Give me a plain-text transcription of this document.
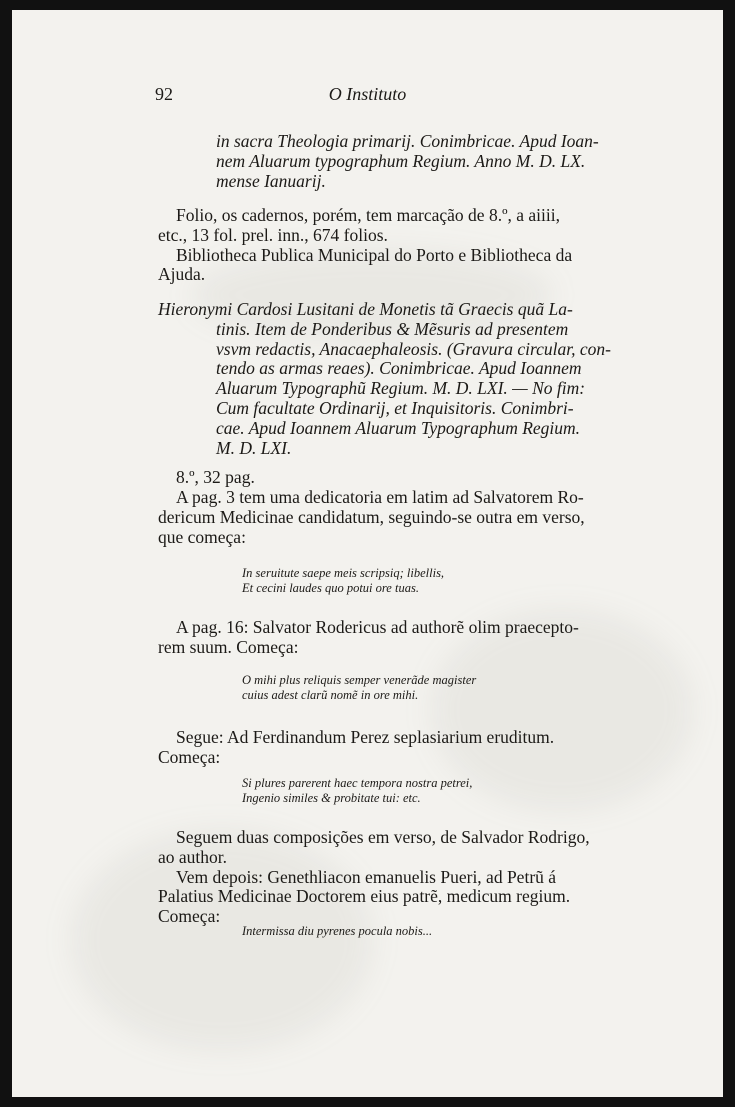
O Instituto
92
in sacra Theologia primarij. Conimbricae. Apud Ioan-
nem Aluarum typographum Regium. Anno M. D. LX.
mense Ianuarij.
Folio, os cadernos, porém, tem marcação de 8.º, a aiiii,
etc., 13 fol. prel. inn., 674 folios.
Bibliotheca Publica Municipal do Porto e Bibliotheca da
Ajuda.
Hieronymi Cardosi Lusitani de Monetis tã Graecis quã La-
tinis. Item de Ponderibus & Mẽsuris ad presentem
vsvm redactis, Anacaephaleosis. (Gravura circular, con-
tendo as armas reaes). Conimbricae. Apud Ioannem
Aluarum Typographũ Regium. M. D. LXI. — No fim:
Cum facultate Ordinarij, et Inquisitoris. Conimbri-
cae. Apud Ioannem Aluarum Typographum Regium.
M. D. LXI.
8.º, 32 pag.
A pag. 3 tem uma dedicatoria em latim ad Salvatorem Ro-
dericum Medicinae candidatum, seguindo-se outra em verso,
que começa:
In seruitute saepe meis scripsiq; libellis,
Et cecini laudes quo potui ore tuas.
A pag. 16: Salvator Rodericus ad authorẽ olim praecepto-
rem suum. Começa:
O mihi plus reliquis semper venerãde magister
cuius adest clarũ nomẽ in ore mihi.
Segue: Ad Ferdinandum Perez seplasiarium eruditum.
Começa:
Si plures parerent haec tempora nostra petrei,
Ingenio similes & probitate tui: etc.
Seguem duas composições em verso, de Salvador Rodrigo,
ao author.
Vem depois: Genethliacon emanuelis Pueri, ad Petrũ á
Palatius Medicinae Doctorem eius patrẽ, medicum regium.
Começa:
Intermissa diu pyrenes pocula nobis...
